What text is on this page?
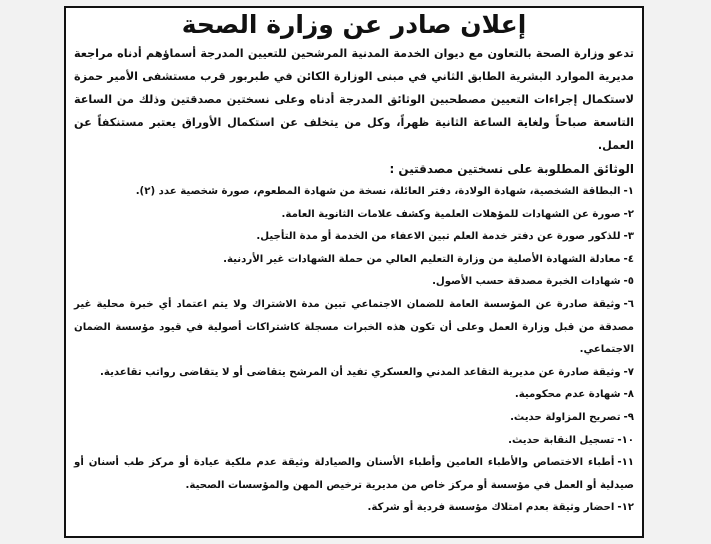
إعلان صادر عن وزارة الصحة

تدعو وزارة الصحة بالتعاون مع ديوان الخدمة المدنية المرشحين للتعيين المدرجة أسماؤهم أدناه مراجعة مديرية الموارد البشرية الطابق الثاني في مبنى الوزارة الكائن في طبربور قرب مستشفى الأمير حمزة لاستكمال إجراءات التعيين مصطحبين الوثائق المدرجة أدناه وعلى نسختين مصدقتين وذلك من الساعة التاسعة صباحاً ولغاية الساعة الثانية ظهراً، وكل من يتخلف عن استكمال الأوراق يعتبر مستنكفاً عن العمل.

الوثائق المطلوبة على نسختين مصدقتين :

١-البطاقة الشخصية، شهادة الولادة، دفتر العائلة، نسخة من شهادة المطعوم، صورة شخصية عدد (٢).
٢-صورة عن الشهادات للمؤهلات العلمية وكشف علامات الثانوية العامة.
٣-للذكور صورة عن دفتر خدمة العلم تبين الاعفاء من الخدمة أو مدة التأجيل.
٤-معادلة الشهادة الأصلية من وزارة التعليم العالي من حملة الشهادات غير الأردنية.
٥-شهادات الخبرة مصدقة حسب الأصول.
٦-وثيقة صادرة عن المؤسسة العامة للضمان الاجتماعي تبين مدة الاشتراك ولا يتم اعتماد أي خبرة محلية غير مصدقة من قبل وزارة العمل وعلى أن تكون هذه الخبرات مسجلة كاشتراكات أصولية في قيود مؤسسة الضمان الاجتماعي.
٧-وثيقة صادرة عن مديرية التقاعد المدني والعسكري تفيد أن المرشح يتقاضى أو لا يتقاضى رواتب تقاعدية.
٨-شهادة عدم محكومية.
٩-تصريح المزاولة حديث.
١٠-تسجيل النقابة حديث.
١١-أطباء الاختصاص والأطباء العامين وأطباء الأسنان والصيادلة وثيقة عدم ملكية عيادة أو مركز طب أسنان أو صيدلية أو العمل في مؤسسة أو مركز خاص من مديرية ترخيص المهن والمؤسسات الصحية.
١٢-احضار وثيقة بعدم امتلاك مؤسسة فردية أو شركة.
